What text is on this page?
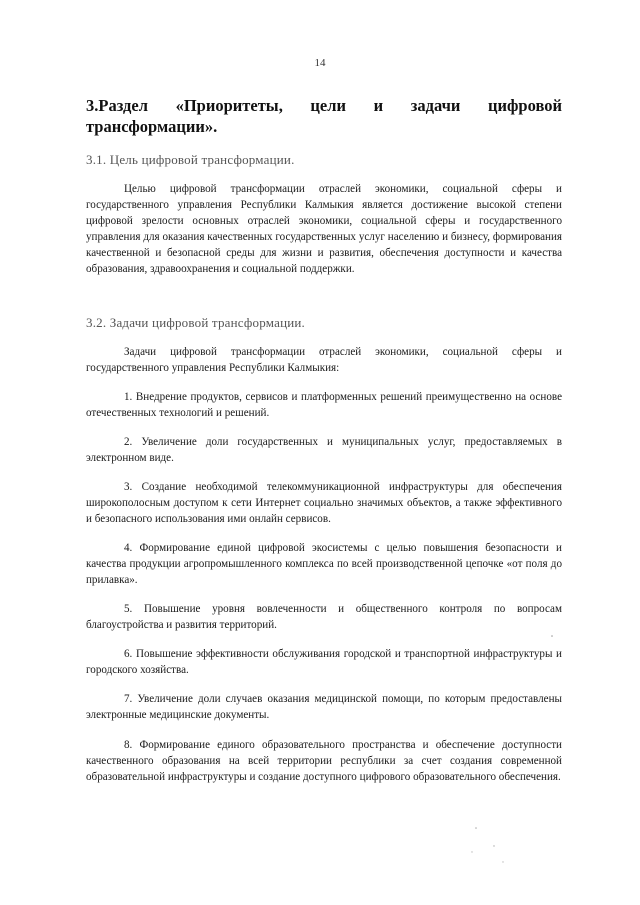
14
3.Раздел «Приоритеты, цели и задачи цифровой трансформации».
3.1. Цель цифровой трансформации.
Целью цифровой трансформации отраслей экономики, социальной сферы и государственного управления Республики Калмыкия является достижение высокой степени цифровой зрелости основных отраслей экономики, социальной сферы и государственного управления для оказания качественных государственных услуг населению и бизнесу, формирования качественной и безопасной среды для жизни и развития, обеспечения доступности и качества образования, здравоохранения и социальной поддержки.
3.2. Задачи цифровой трансформации.
Задачи цифровой трансформации отраслей экономики, социальной сферы и государственного управления Республики Калмыкия:
1. Внедрение продуктов, сервисов и платформенных решений преимущественно на основе отечественных технологий и решений.
2. Увеличение доли государственных и муниципальных услуг, предоставляемых в электронном виде.
3. Создание необходимой телекоммуникационной инфраструктуры для обеспечения широкополосным доступом к сети Интернет социально значимых объектов, а также эффективного и безопасного использования ими онлайн сервисов.
4. Формирование единой цифровой экосистемы с целью повышения безопасности и качества продукции агропромышленного комплекса по всей производственной цепочке «от поля до прилавка».
5. Повышение уровня вовлеченности и общественного контроля по вопросам благоустройства и развития территорий.
6. Повышение эффективности обслуживания городской и транспортной инфраструктуры и городского хозяйства.
7. Увеличение доли случаев оказания медицинской помощи, по которым предоставлены электронные медицинские документы.
8. Формирование единого образовательного пространства и обеспечение доступности качественного образования на всей территории республики за счет создания современной образовательной инфраструктуры и создание доступного цифрового образовательного обеспечения.
